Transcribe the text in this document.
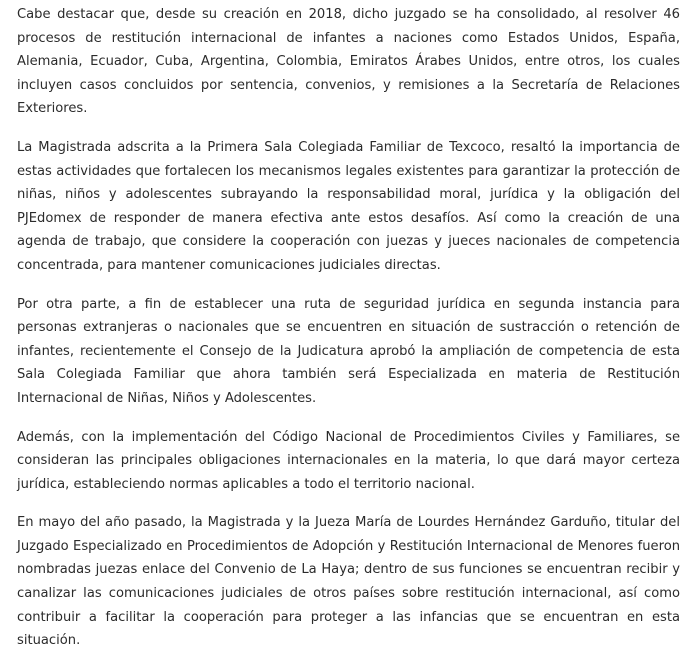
Cabe destacar que, desde su creación en 2018, dicho juzgado se ha consolidado, al resolver 46 procesos de restitución internacional de infantes a naciones como Estados Unidos, España, Alemania, Ecuador, Cuba, Argentina, Colombia, Emiratos Árabes Unidos, entre otros, los cuales incluyen casos concluidos por sentencia, convenios, y remisiones a la Secretaría de Relaciones Exteriores.

La Magistrada adscrita a la Primera Sala Colegiada Familiar de Texcoco, resaltó la importancia de estas actividades que fortalecen los mecanismos legales existentes para garantizar la protección de niñas, niños y adolescentes subrayando la responsabilidad moral, jurídica y la obligación del PJEdomex de responder de manera efectiva ante estos desafíos. Así como la creación de una agenda de trabajo, que considere la cooperación con juezas y jueces nacionales de competencia concentrada, para mantener comunicaciones judiciales directas.

Por otra parte, a fin de establecer una ruta de seguridad jurídica en segunda instancia para personas extranjeras o nacionales que se encuentren en situación de sustracción o retención de infantes, recientemente el Consejo de la Judicatura aprobó la ampliación de competencia de esta Sala Colegiada Familiar que ahora también será Especializada en materia de Restitución Internacional de Niñas, Niños y Adolescentes.

Además, con la implementación del Código Nacional de Procedimientos Civiles y Familiares, se consideran las principales obligaciones internacionales en la materia, lo que dará mayor certeza jurídica, estableciendo normas aplicables a todo el territorio nacional.

En mayo del año pasado, la Magistrada y la Jueza María de Lourdes Hernández Garduño, titular del Juzgado Especializado en Procedimientos de Adopción y Restitución Internacional de Menores fueron nombradas juezas enlace del Convenio de La Haya; dentro de sus funciones se encuentran recibir y canalizar las comunicaciones judiciales de otros países sobre restitución internacional, así como contribuir a facilitar la cooperación para proteger a las infancias que se encuentran en esta situación.
